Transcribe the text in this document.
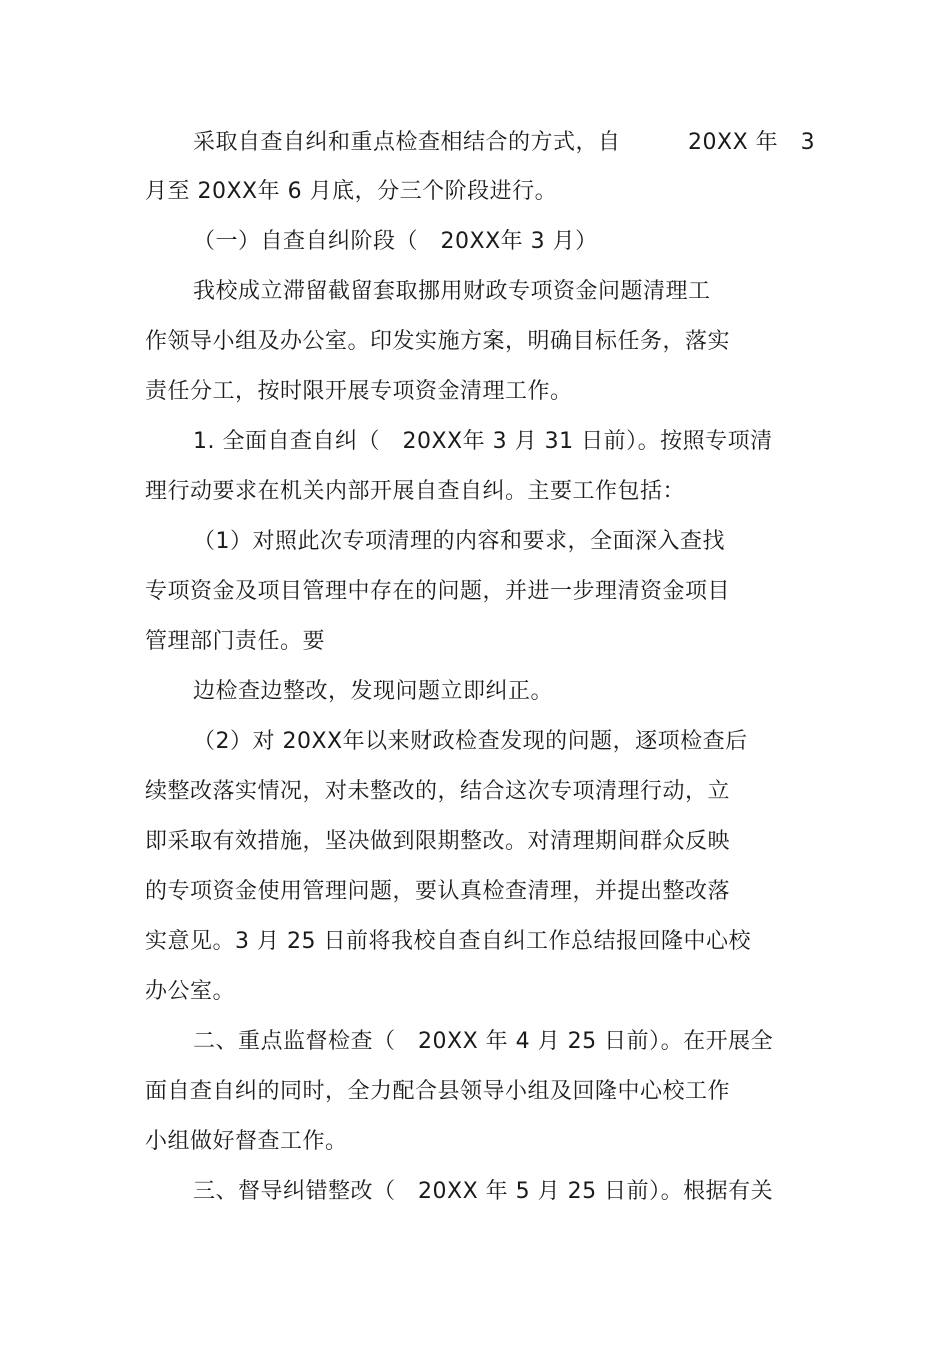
采取自查自纠和重点检查相结合的方式，自　　　20XX 年　3
月至 20XX年 6 月底，分三个阶段进行。
（一）自查自纠阶段（　20XX年 3 月）
我校成立滞留截留套取挪用财政专项资金问题清理工
作领导小组及办公室。印发实施方案，明确目标任务，落实
责任分工，按时限开展专项资金清理工作。
1. 全面自查自纠（　20XX年 3 月 31 日前）。按照专项清
理行动要求在机关内部开展自查自纠。主要工作包括：
（1）对照此次专项清理的内容和要求，全面深入查找
专项资金及项目管理中存在的问题，并进一步理清资金项目
管理部门责任。要
边检查边整改，发现问题立即纠正。
（2）对 20XX年以来财政检查发现的问题，逐项检查后
续整改落实情况，对未整改的，结合这次专项清理行动，立
即采取有效措施，坚决做到限期整改。对清理期间群众反映
的专项资金使用管理问题，要认真检查清理，并提出整改落
实意见。3 月 25 日前将我校自查自纠工作总结报回隆中心校
办公室。
二、重点监督检查（　20XX 年 4 月 25 日前）。在开展全
面自查自纠的同时，全力配合县领导小组及回隆中心校工作
小组做好督查工作。
三、督导纠错整改（　20XX 年 5 月 25 日前）。根据有关
